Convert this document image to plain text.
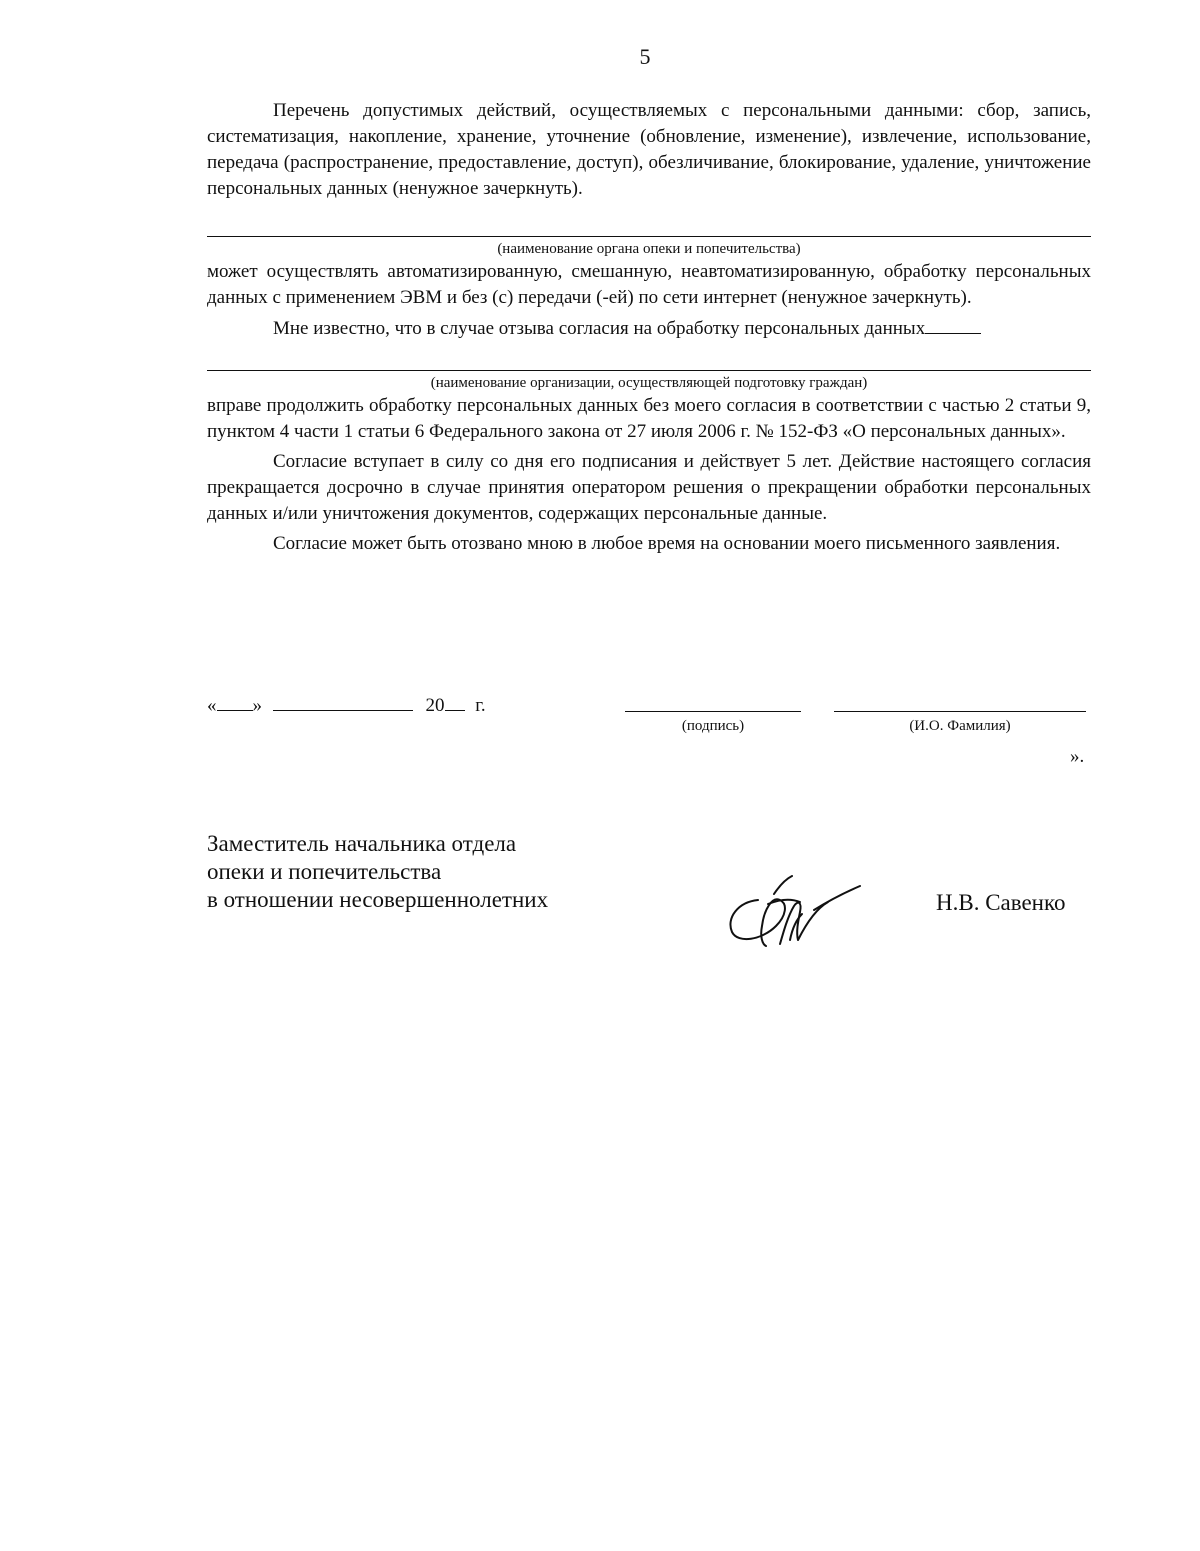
5

Перечень допустимых действий, осуществляемых с персональными данными: сбор, запись, систематизация, накопление, хранение, уточнение (обновление, изменение), извлечение, использование, передача (распространение, предоставление, доступ), обезличивание, блокирование, удаление, уничтожение персональных данных (ненужное зачеркнуть).

(наименование органа опеки и попечительства)

может осуществлять автоматизированную, смешанную, неавтоматизированную, обработку персональных данных с применением ЭВМ и без (с) передачи (-ей) по сети интернет (ненужное зачеркнуть).

Мне известно, что в случае отзыва согласия на обработку персональных данных

(наименование организации, осуществляющей подготовку граждан)

вправе продолжить обработку персональных данных без моего согласия в соответствии с частью 2 статьи 9, пунктом 4 части 1 статьи 6 Федерального закона от 27 июля 2006 г. № 152-ФЗ «О персональных данных».

Согласие вступает в силу со дня его подписания и действует 5 лет. Действие настоящего согласия прекращается досрочно в случае принятия оператором решения о прекращении обработки персональных данных и/или уничтожения документов, содержащих персональные данные.

Согласие может быть отозвано мною в любое время на основании моего письменного заявления.

« »	20 г.
(подпись)	(И.О. Фамилия)
».
Заместитель начальника отдела
опеки и попечительства
в отношении несовершеннолетних	Н.В. Савенко
